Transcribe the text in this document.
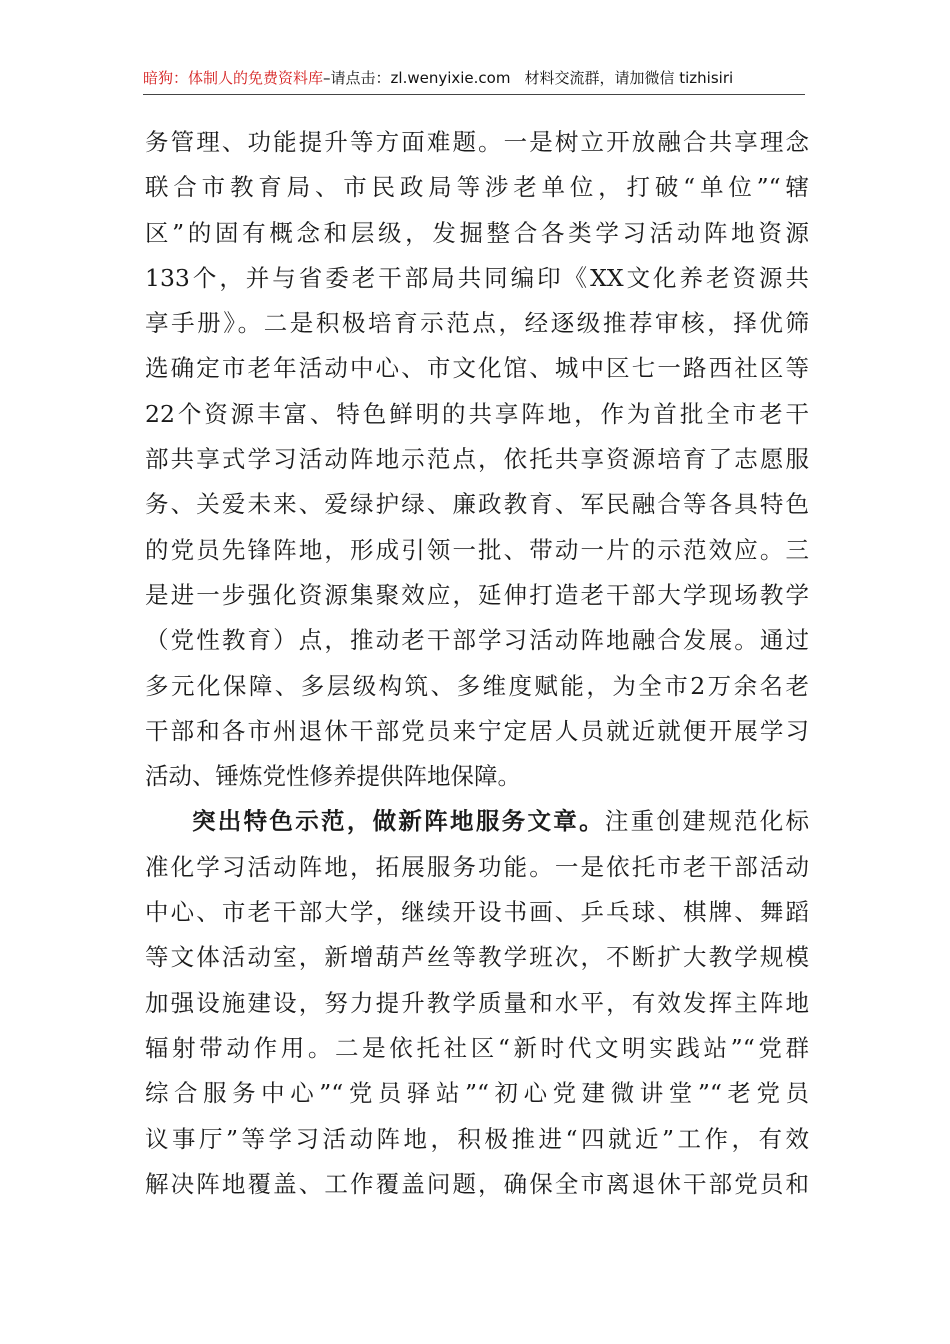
暗狗：体制人的免费资料库–请点击：zl.wenyixie.com 材料交流群，请加微信 tizhisiri
务管理、功能提升等方面难题。一是树立开放融合共享理念
联合市教育局、市民政局等涉老单位，打破“单位”“辖
区”的固有概念和层级，发掘整合各类学习活动阵地资源
133个，并与省委老干部局共同编印《XX文化养老资源共
享手册》。二是积极培育示范点，经逐级推荐审核，择优筛
选确定市老年活动中心、市文化馆、城中区七一路西社区等
22个资源丰富、特色鲜明的共享阵地，作为首批全市老干
部共享式学习活动阵地示范点，依托共享资源培育了志愿服
务、关爱未来、爱绿护绿、廉政教育、军民融合等各具特色
的党员先锋阵地，形成引领一批、带动一片的示范效应。三
是进一步强化资源集聚效应，延伸打造老干部大学现场教学
（党性教育）点，推动老干部学习活动阵地融合发展。通过
多元化保障、多层级构筑、多维度赋能，为全市2万余名老
干部和各市州退休干部党员来宁定居人员就近就便开展学习
活动、锤炼党性修养提供阵地保障。
突出特色示范，做新阵地服务文章。注重创建规范化标
准化学习活动阵地，拓展服务功能。一是依托市老干部活动
中心、市老干部大学，继续开设书画、乒乓球、棋牌、舞蹈
等文体活动室，新增葫芦丝等教学班次，不断扩大教学规模
加强设施建设，努力提升教学质量和水平，有效发挥主阵地
辐射带动作用。二是依托社区“新时代文明实践站”“党群
综合服务中心”“党员驿站”“初心党建微讲堂”“老党员
议事厅”等学习活动阵地，积极推进“四就近”工作，有效
解决阵地覆盖、工作覆盖问题，确保全市离退休干部党员和
